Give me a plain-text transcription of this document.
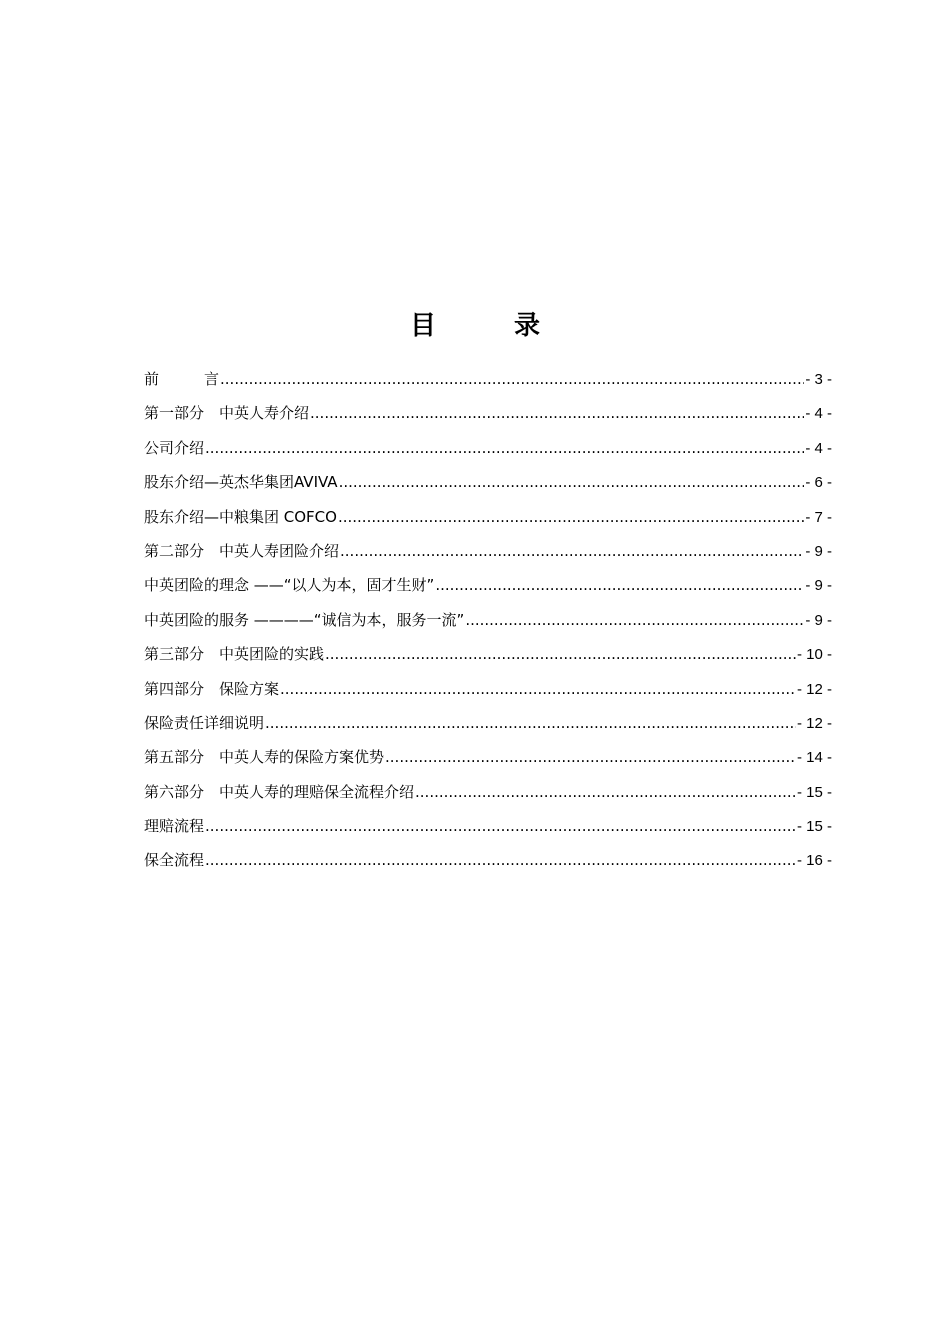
目　　　录
前　　　言 .....	- 3 -
第一部分　中英人寿介绍 .....	- 4 -
公司介绍 .....	- 4 -
股东介绍—英杰华集团AVIVA .....	- 6 -
股东介绍—中粮集团 COFCO .....	- 7 -
第二部分　中英人寿团险介绍 .....	- 9 -
中英团险的理念 ——“以人为本，固才生财” .....	- 9 -
中英团险的服务 ————“诚信为本，服务一流” .....	- 9 -
第三部分　中英团险的实践 .....	- 10 -
第四部分　保险方案 .....	- 12 -
保险责任详细说明 .....	- 12 -
第五部分　中英人寿的保险方案优势 .....	- 14 -
第六部分　中英人寿的理赔保全流程介绍 .....	- 15 -
理赔流程 .....	- 15 -
保全流程 .....	- 16 -
